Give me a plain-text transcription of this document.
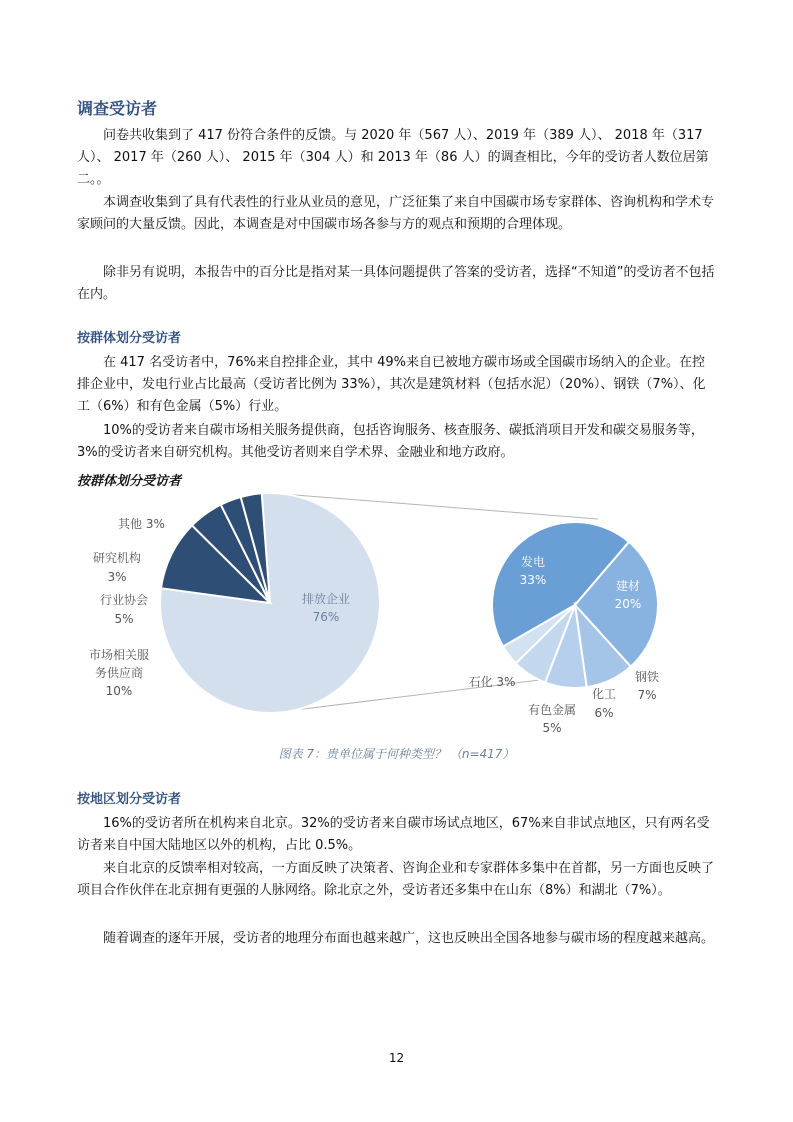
调查受访者

问卷共收集到了 417 份符合条件的反馈。与 2020 年（567 人）、2019 年（389 人）、 2018 年（317 人）、 2017 年（260 人）、 2015 年（304 人）和 2013 年（86 人）的调查相比，今年的受访者人数位居第二。。

本调查收集到了具有代表性的行业从业员的意见，广泛征集了来自中国碳市场专家群体、咨询机构和学术专家顾问的大量反馈。因此，本调查是对中国碳市场各参与方的观点和预期的合理体现。

除非另有说明，本报告中的百分比是指对某一具体问题提供了答案的受访者，选择“不知道”的受访者不包括在内。

按群体划分受访者

在 417 名受访者中，76%来自控排企业，其中 49%来自已被地方碳市场或全国碳市场纳入的企业。在控排企业中，发电行业占比最高（受访者比例为 33%），其次是建筑材料（包括水泥）（20%）、钢铁（7%）、化工（6%）和有色金属（5%）行业。

10%的受访者来自碳市场相关服务提供商，包括咨询服务、核查服务、碳抵消项目开发和碳交易服务等，3%的受访者来自研究机构。其他受访者则来自学术界、金融业和地方政府。

按群体划分受访者
其他 3%
研究机构
3%
行业协会
5%
市场相关服
务供应商
10%
排放企业
76%
发电
33%	建材
20%
钢铁
7%
化工
6%
有色金属
5%
石化 3%
图表 7：贵单位属于何种类型？ （n=417）
按地区划分受访者

16%的受访者所在机构来自北京。32%的受访者来自碳市场试点地区，67%来自非试点地区，只有两名受访者来自中国大陆地区以外的机构，占比 0.5%。

来自北京的反馈率相对较高，一方面反映了决策者、咨询企业和专家群体多集中在首都，另一方面也反映了项目合作伙伴在北京拥有更强的人脉网络。除北京之外，受访者还多集中在山东（8%）和湖北（7%）。

随着调查的逐年开展，受访者的地理分布面也越来越广，这也反映出全国各地参与碳市场的程度越来越高。

12
